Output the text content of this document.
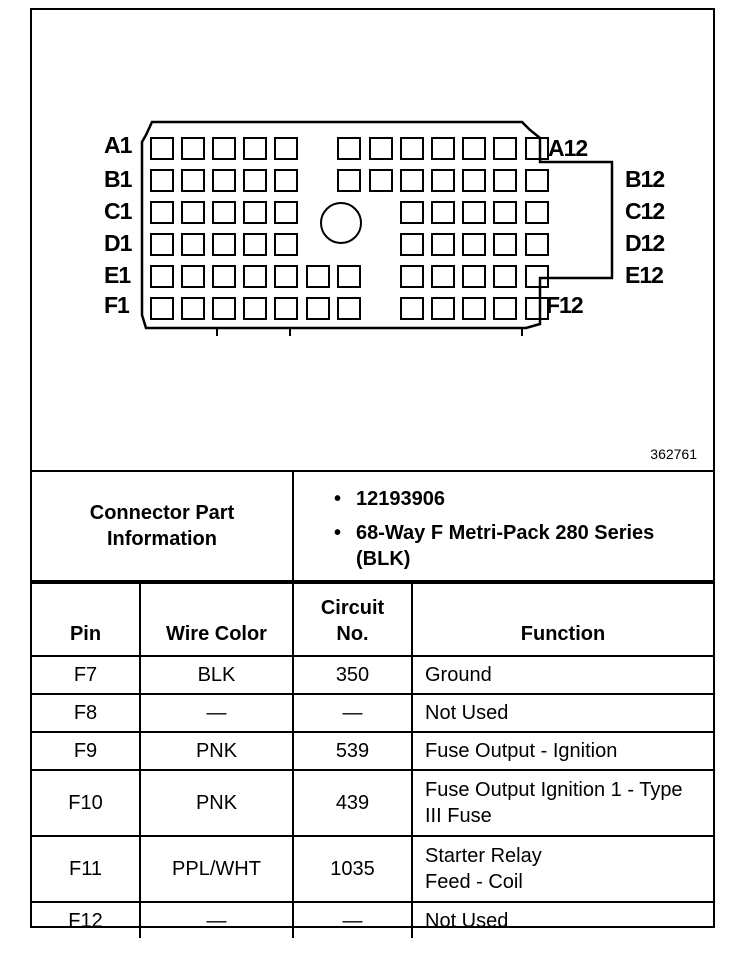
A1
B1
C1
D1
E1
F1
A12
B12
C12
D12
E12
F12
362761
Connector Part Information
• 12193906
• 68-Way F Metri-Pack 280 Series (BLK)
Pin	Wire Color	Circuit No.	Function
F7	BLK	350	Ground
F8	—	—	Not Used
F9	PNK	539	Fuse Output - Ignition
F10	PNK	439	Fuse Output Ignition 1 - Type III Fuse
F11	PPL/WHT	1035	Starter Relay Feed - Coil
F12	—	—	Not Used
